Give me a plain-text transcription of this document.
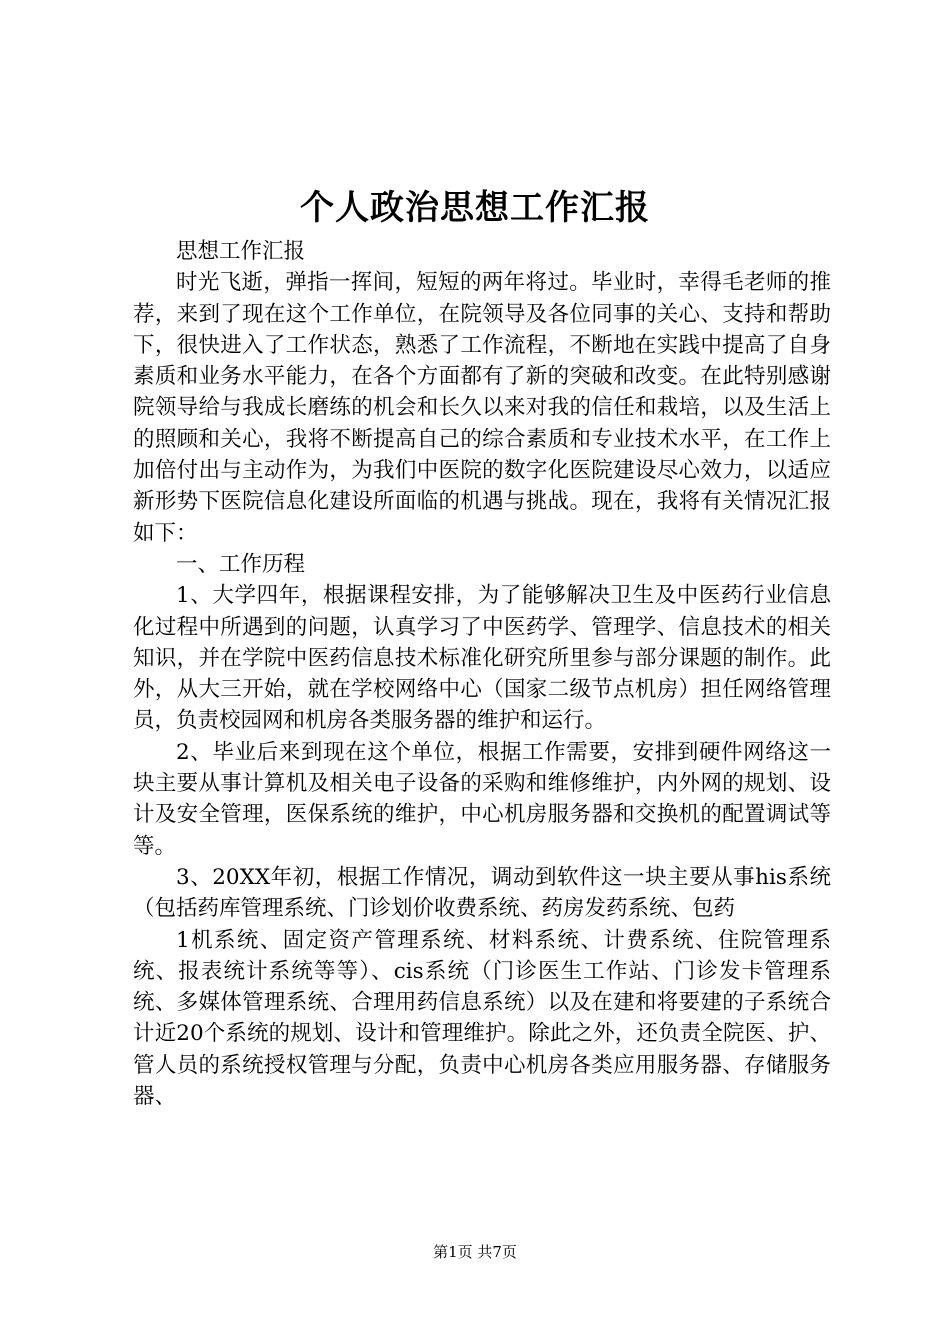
个人政治思想工作汇报

思想工作汇报

时光飞逝，弹指一挥间，短短的两年将过。毕业时，幸得毛老师的推荐，来到了现在这个工作单位，在院领导及各位同事的关心、支持和帮助下，很快进入了工作状态，熟悉了工作流程，不断地在实践中提高了自身素质和业务水平能力，在各个方面都有了新的突破和改变。在此特别感谢院领导给与我成长磨练的机会和长久以来对我的信任和栽培，以及生活上的照顾和关心，我将不断提高自己的综合素质和专业技术水平，在工作上加倍付出与主动作为，为我们中医院的数字化医院建设尽心效力，以适应新形势下医院信息化建设所面临的机遇与挑战。现在，我将有关情况汇报如下：

一、工作历程

1、大学四年，根据课程安排，为了能够解决卫生及中医药行业信息化过程中所遇到的问题，认真学习了中医药学、管理学、信息技术的相关知识，并在学院中医药信息技术标准化研究所里参与部分课题的制作。此外，从大三开始，就在学校网络中心（国家二级节点机房）担任网络管理员，负责校园网和机房各类服务器的维护和运行。

2、毕业后来到现在这个单位，根据工作需要，安排到硬件网络这一块主要从事计算机及相关电子设备的采购和维修维护，内外网的规划、设计及安全管理，医保系统的维护，中心机房服务器和交换机的配置调试等等。

3、20XX年初，根据工作情况，调动到软件这一块主要从事his系统（包括药库管理系统、门诊划价收费系统、药房发药系统、包药

1机系统、固定资产管理系统、材料系统、计费系统、住院管理系统、报表统计系统等等）、cis系统（门诊医生工作站、门诊发卡管理系统、多媒体管理系统、合理用药信息系统）以及在建和将要建的子系统合计近20个系统的规划、设计和管理维护。除此之外，还负责全院医、护、管人员的系统授权管理与分配，负责中心机房各类应用服务器、存储服务器、

第1页 共7页
